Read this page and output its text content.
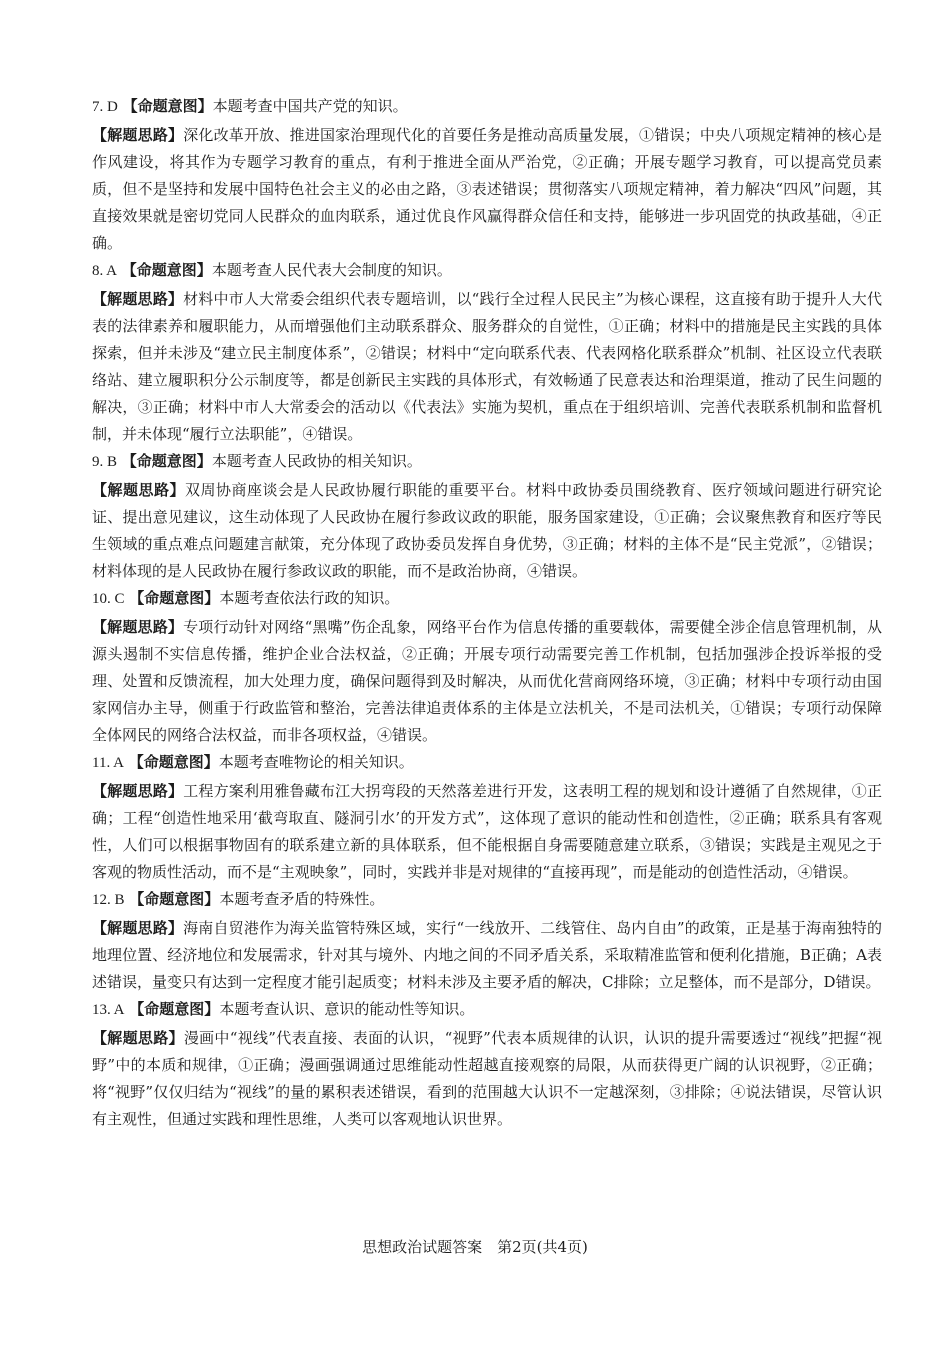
7. D 【命题意图】本题考查中国共产党的知识。
【解题思路】深化改革开放、推进国家治理现代化的首要任务是推动高质量发展，①错误；中央八项规定精神的核心是作风建设，将其作为专题学习教育的重点，有利于推进全面从严治党，②正确；开展专题学习教育，可以提高党员素质，但不是坚持和发展中国特色社会主义的必由之路，③表述错误；贯彻落实八项规定精神，着力解决“四风”问题，其直接效果就是密切党同人民群众的血肉联系，通过优良作风赢得群众信任和支持，能够进一步巩固党的执政基础，④正确。
8. A 【命题意图】本题考查人民代表大会制度的知识。
【解题思路】材料中市人大常委会组织代表专题培训，以“践行全过程人民民主”为核心课程，这直接有助于提升人大代表的法律素养和履职能力，从而增强他们主动联系群众、服务群众的自觉性，①正确；材料中的措施是民主实践的具体探索，但并未涉及“建立民主制度体系”，②错误；材料中“定向联系代表、代表网格化联系群众”机制、社区设立代表联络站、建立履职积分公示制度等，都是创新民主实践的具体形式，有效畅通了民意表达和治理渠道，推动了民生问题的解决，③正确；材料中市人大常委会的活动以《代表法》实施为契机，重点在于组织培训、完善代表联系机制和监督机制，并未体现“履行立法职能”，④错误。
9. B 【命题意图】本题考查人民政协的相关知识。
【解题思路】双周协商座谈会是人民政协履行职能的重要平台。材料中政协委员围绕教育、医疗领域问题进行研究论证、提出意见建议，这生动体现了人民政协在履行参政议政的职能，服务国家建设，①正确；会议聚焦教育和医疗等民生领域的重点难点问题建言献策，充分体现了政协委员发挥自身优势，③正确；材料的主体不是“民主党派”，②错误；材料体现的是人民政协在履行参政议政的职能，而不是政治协商，④错误。
10. C 【命题意图】本题考查依法行政的知识。
【解题思路】专项行动针对网络“黑嘴”伤企乱象，网络平台作为信息传播的重要载体，需要健全涉企信息管理机制，从源头遏制不实信息传播，维护企业合法权益，②正确；开展专项行动需要完善工作机制，包括加强涉企投诉举报的受理、处置和反馈流程，加大处理力度，确保问题得到及时解决，从而优化营商网络环境，③正确；材料中专项行动由国家网信办主导，侧重于行政监管和整治，完善法律追责体系的主体是立法机关，不是司法机关，①错误；专项行动保障全体网民的网络合法权益，而非各项权益，④错误。
11. A 【命题意图】本题考查唯物论的相关知识。
【解题思路】工程方案利用雅鲁藏布江大拐弯段的天然落差进行开发，这表明工程的规划和设计遵循了自然规律，①正确；工程“创造性地采用‘截弯取直、隧洞引水’的开发方式”，这体现了意识的能动性和创造性，②正确；联系具有客观性，人们可以根据事物固有的联系建立新的具体联系，但不能根据自身需要随意建立联系，③错误；实践是主观见之于客观的物质性活动，而不是“主观映象”，同时，实践并非是对规律的“直接再现”，而是能动的创造性活动，④错误。
12. B 【命题意图】本题考查矛盾的特殊性。
【解题思路】海南自贸港作为海关监管特殊区域，实行“一线放开、二线管住、岛内自由”的政策，正是基于海南独特的地理位置、经济地位和发展需求，针对其与境外、内地之间的不同矛盾关系，采取精准监管和便利化措施，B正确；A表述错误，量变只有达到一定程度才能引起质变；材料未涉及主要矛盾的解决，C排除；立足整体，而不是部分，D错误。
13. A 【命题意图】本题考查认识、意识的能动性等知识。
【解题思路】漫画中“视线”代表直接、表面的认识，“视野”代表本质规律的认识，认识的提升需要透过“视线”把握“视野”中的本质和规律，①正确；漫画强调通过思维能动性超越直接观察的局限，从而获得更广阔的认识视野，②正确；将“视野”仅仅归结为“视线”的量的累积表述错误，看到的范围越大认识不一定越深刻，③排除；④说法错误，尽管认识有主观性，但通过实践和理性思维，人类可以客观地认识世界。
思想政治试题答案　第2页(共4页)
